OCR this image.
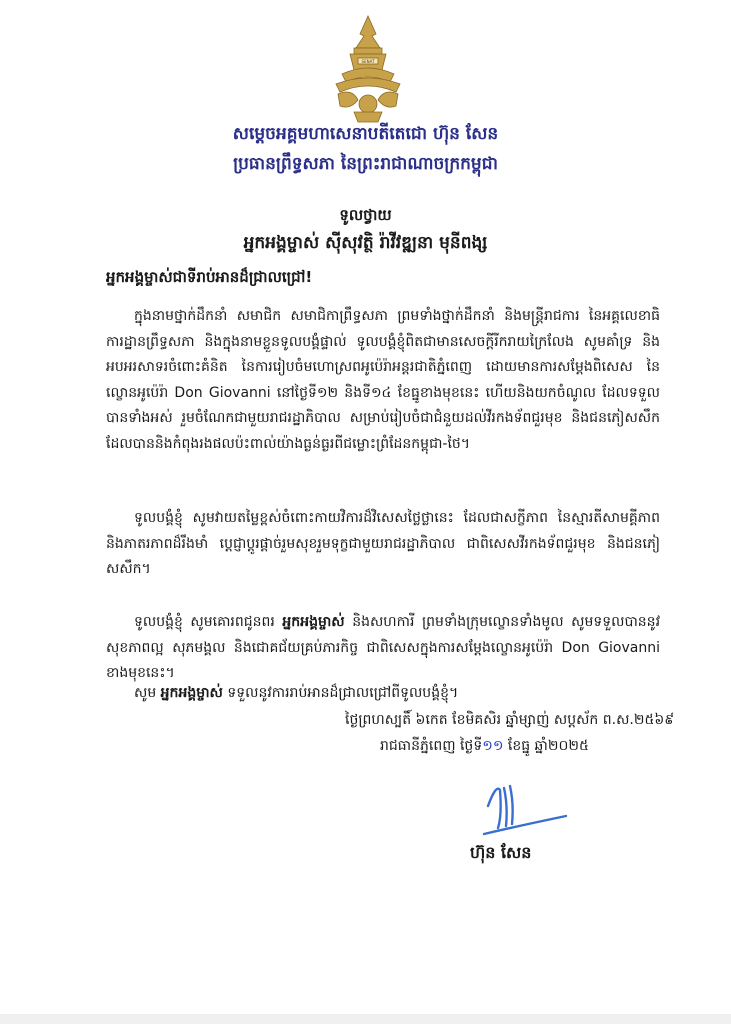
SENAT
សម្ដេចអគ្គមហាសេនាបតីតេជោ ហ៊ុន សែន
ប្រធានព្រឹទ្ធសភា នៃព្រះរាជាណាចក្រកម្ពុជា
ទូលថ្វាយ
អ្នកអង្គម្ចាស់ ស៊ីសុវត្ថិ រ៉ាវីវឌ្ឍនា មុនីពង្ស
អ្នកអង្គម្ចាស់ជាទីរាប់អានដ៏ជ្រាលជ្រៅ!

ក្នុងនាមថ្នាក់ដឹកនាំ សមាជិក សមាជិកាព្រឹទ្ធសភា ព្រមទាំងថ្នាក់ដឹកនាំ និងមន្ត្រីរាជការ នៃអគ្គលេខាធិការដ្ឋានព្រឹទ្ធសភា និងក្នុងនាមខ្លួនទូលបង្គំផ្ទាល់ ទូលបង្គំខ្ញុំពិតជាមានសេចក្ដីរីករាយក្រៃលែង សូមគាំទ្រ និងអបអរសាទរចំពោះគំនិត នៃការរៀបចំមហោស្រពអូប៉េរ៉ាអន្តរជាតិភ្នំពេញ ដោយមានការសម្ដែងពិសេស នៃល្ខោនអូប៉េរ៉ា Don Giovanni នៅថ្ងៃទី១២ និងទី១៤ ខែធ្នូខាងមុខនេះ ហើយនិងយកចំណូល ដែលទទួលបានទាំងអស់ រួមចំណែកជាមួយរាជរដ្ឋាភិបាល សម្រាប់រៀបចំជាជំនួយដល់វីរកងទ័ពជួរមុខ និងជនភៀសសឹក ដែលបាននិងកំពុងរងផលប៉ះពាល់យ៉ាងធ្ងន់ធ្ងរពីជម្លោះព្រំដែនកម្ពុជា-ថៃ។

ទូលបង្គំខ្ញុំ សូមវាយតម្លៃខ្ពស់ចំពោះកាយវិការដ៏វិសេសថ្លៃថ្លានេះ ដែលជាសក្ខីភាព នៃស្មារតីសាមគ្គីភាព និងភាតរភាពដ៏រឹងមាំ ប្ដេជ្ញាប្ដូរផ្ដាច់រួមសុខរួមទុក្ខជាមួយរាជរដ្ឋាភិបាល ជាពិសេសវីរកងទ័ពជួរមុខ និងជនភៀសសឹក។

ទូលបង្គំខ្ញុំ សូមគោរពជូនពរ អ្នកអង្គម្ចាស់ និងសហការី ព្រមទាំងក្រុមល្ខោនទាំងមូល សូមទទួលបាននូវសុខភាពល្អ សុភមង្គល និងជោគជ័យគ្រប់ភារកិច្ច ជាពិសេសក្នុងការសម្ដែងល្ខោនអូប៉េរ៉ា Don Giovanni ខាងមុខនេះ។

សូម អ្នកអង្គម្ចាស់ ទទួលនូវការរាប់អានដ៏ជ្រាលជ្រៅពីទូលបង្គំខ្ញុំ។
ថ្ងៃព្រហស្បតិ៍ ៦កេត ខែមិគសិរ ឆ្នាំម្សាញ់ សប្តស័ក ព.ស.២៥៦៩
រាជធានីភ្នំពេញ ថ្ងៃទី១១ ខែធ្នូ ឆ្នាំ២០២៥
ហ៊ុន សែន
